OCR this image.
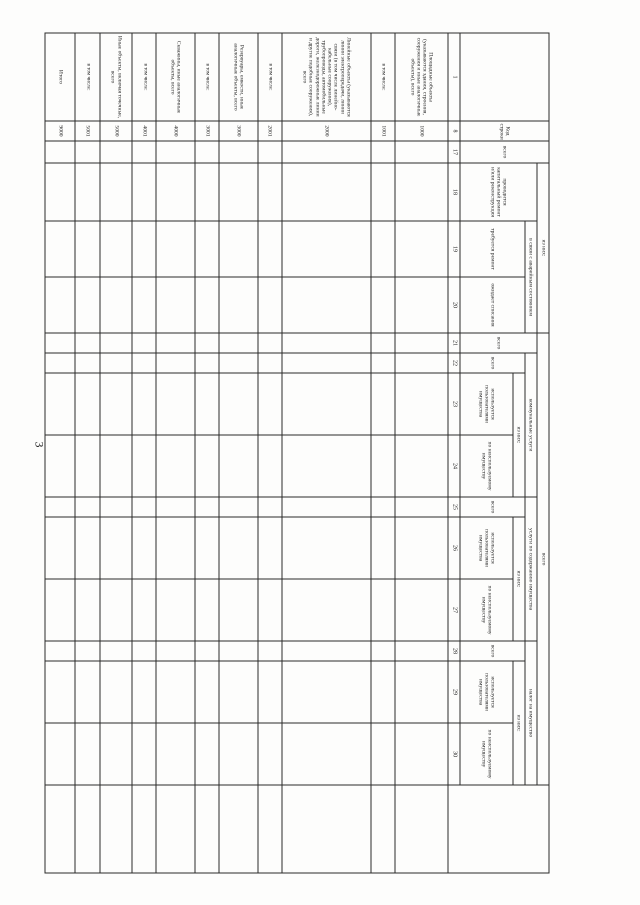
3
	Код строки	всего	из них:			всего										
			проводится капитальный ремонт и/или реконструкция	в связи с аварийным состоянием		всего	коммунальные услуги			услуги по содержанию имущества			налог на имущество			
				требуется ремонт	ожидает списания		всего	из них:		всего	из них:		всего	из них:		
								используется пользователями имущества	по неиспользуемому имуществу		используется пользователями имущества	по неиспользуемому имуществу		используется пользователями имущества	по неиспользуемому имуществу	
1	8	17	18	19	20	21	22	23	24	25	26	27	28	29	30	
Площадные объекты (указываются здания, строения, сооружения и иные аналогичные объекты), всего	1000															
в том числе:	1001															
Линейные объекты (указываются линии электропередачи, линии связи (в том числе линейно-кабельные сооружения), трубопроводы, автомобильные дороги, железнодорожные линии и другие подобные сооружения), всего	2000															
в том числе:	2001															
Резервуары, емкости, иные аналогичные объекты, всего	3000															
в том числе:	3001															
Скважины, иные аналогичные объекты, всего	4000															
в том числе:	4001															
Иные объекты, включая точечные, всего	5000															
в том числе:	5001															
Итого	9000															
